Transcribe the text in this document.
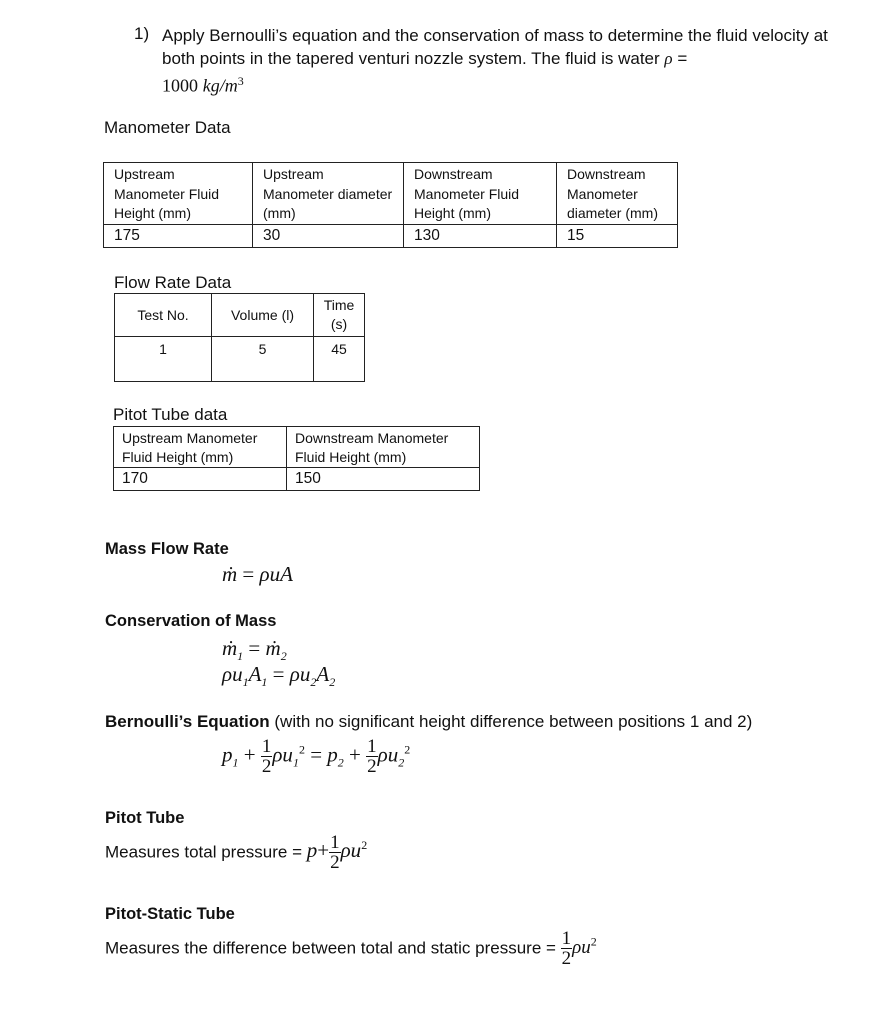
1) Apply Bernoulli’s equation and the conservation of mass to determine the fluid velocity at both points in the tapered venturi nozzle system. The fluid is water ρ =
1000 $kg/m^3$
Manometer Data
Upstream Manometer Fluid Height (mm)	Upstream Manometer diameter (mm)	Downstream Manometer Fluid Height (mm)	Downstream Manometer diameter (mm)
175	30	130	15
Flow Rate Data
Test No.	Volume (l)	Time (s)
1	5	45
Pitot Tube data
Upstream Manometer Fluid Height (mm)	Downstream Manometer Fluid Height (mm)
170	150
Mass Flow Rate
ṁ = ρuA
Conservation of Mass
$ṁ_1$ = $ṁ_2$
$\rho u_1A_1 = \rho u_2A_2$
Bernoulli’s Equation (with no significant height difference between positions 1 and 2)
$p_1 + \frac{1}{2} \rho u_1^2 = p_2 + \frac{1}{2} \rho u_2^2$
Pitot Tube
Measures total pressure = $p+ \frac{1}{2} \rho u^2$
Pitot-Static Tube
Measures the difference between total and static pressure = $\frac{1}{2} \rho u^2$
